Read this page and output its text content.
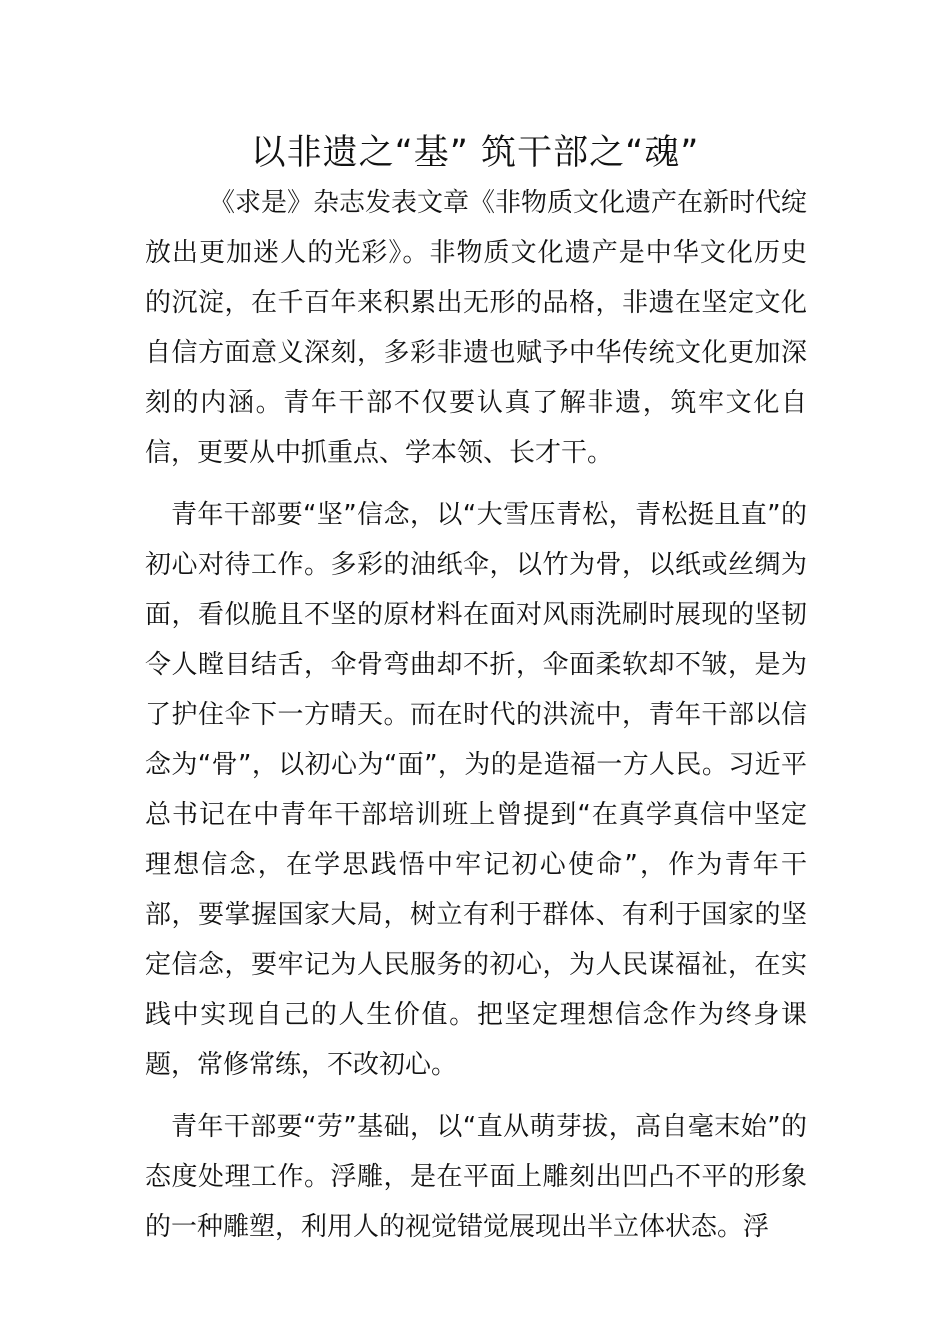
以非遗之“基” 筑干部之“魂”

《求是》杂志发表文章《非物质文化遗产在新时代绽放出更加迷人的光彩》。非物质文化遗产是中华文化历史的沉淀，在千百年来积累出无形的品格，非遗在坚定文化自信方面意义深刻，多彩非遗也赋予中华传统文化更加深刻的内涵。青年干部不仅要认真了解非遗，筑牢文化自信，更要从中抓重点、学本领、长才干。

青年干部要“坚”信念，以“大雪压青松，青松挺且直”的初心对待工作。多彩的油纸伞，以竹为骨，以纸或丝绸为面，看似脆且不坚的原材料在面对风雨洗刷时展现的坚韧令人瞠目结舌，伞骨弯曲却不折，伞面柔软却不皱，是为了护住伞下一方晴天。而在时代的洪流中，青年干部以信念为“骨”，以初心为“面”，为的是造福一方人民。习近平总书记在中青年干部培训班上曾提到“在真学真信中坚定理想信念，在学思践悟中牢记初心使命”，作为青年干部，要掌握国家大局，树立有利于群体、有利于国家的坚定信念，要牢记为人民服务的初心，为人民谋福祉，在实践中实现自己的人生价值。把坚定理想信念作为终身课题，常修常练，不改初心。

青年干部要“劳”基础，以“直从萌芽拔，高自毫末始”的态度处理工作。浮雕，是在平面上雕刻出凹凸不平的形象的一种雕塑，利用人的视觉错觉展现出半立体状态。浮
